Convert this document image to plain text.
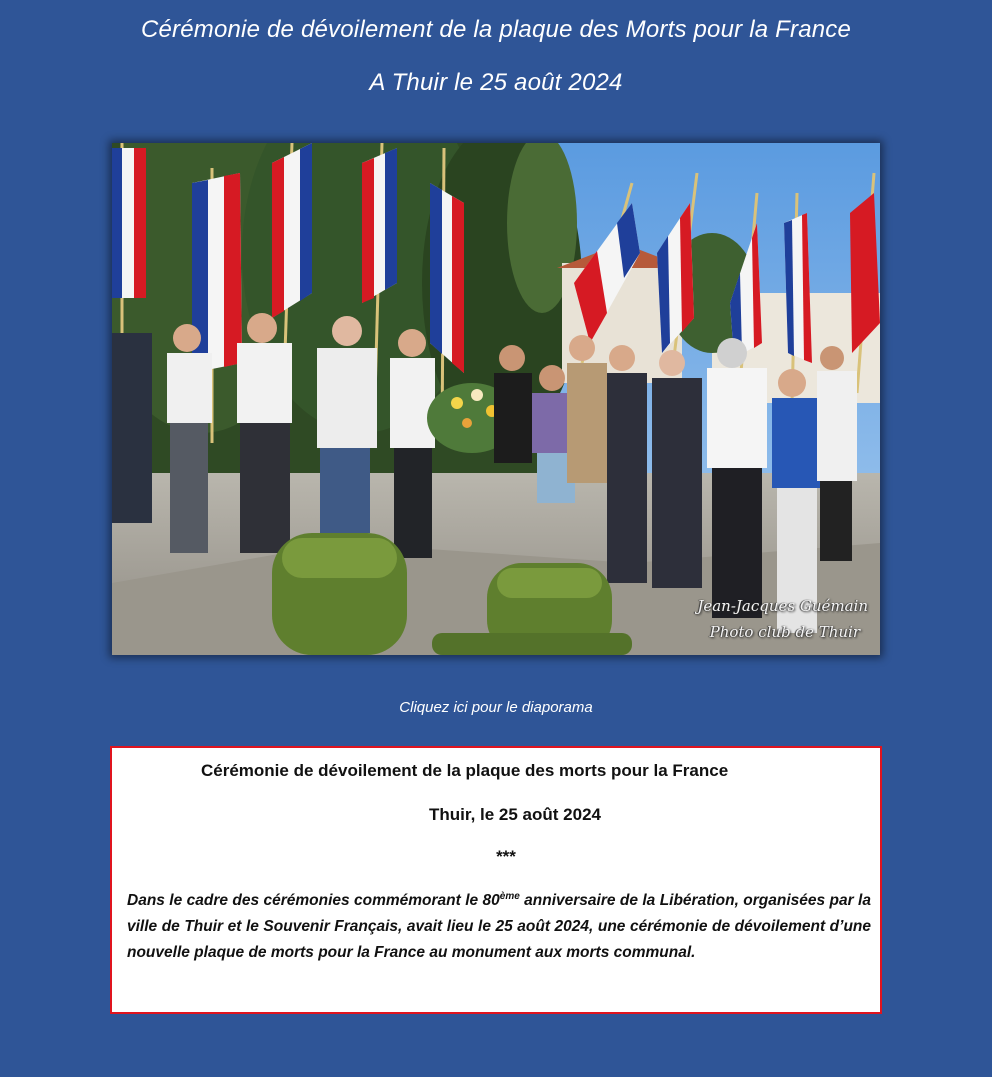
Cérémonie de dévoilement de la plaque des Morts pour la France
A Thuir le 25 août 2024
Jean-Jacques Guémain
Photo club de Thuir
Cliquez ici pour le diaporama
Cérémonie de dévoilement de la plaque des morts pour la France
Thuir, le 25 août 2024
***

Dans le cadre des cérémonies commémorant le 80ème anniversaire de la Libération, organisées par la ville de Thuir et le Souvenir Français, avait lieu le 25 août 2024, une cérémonie de dévoilement d’une nouvelle plaque de morts pour la France au monument aux morts communal.
